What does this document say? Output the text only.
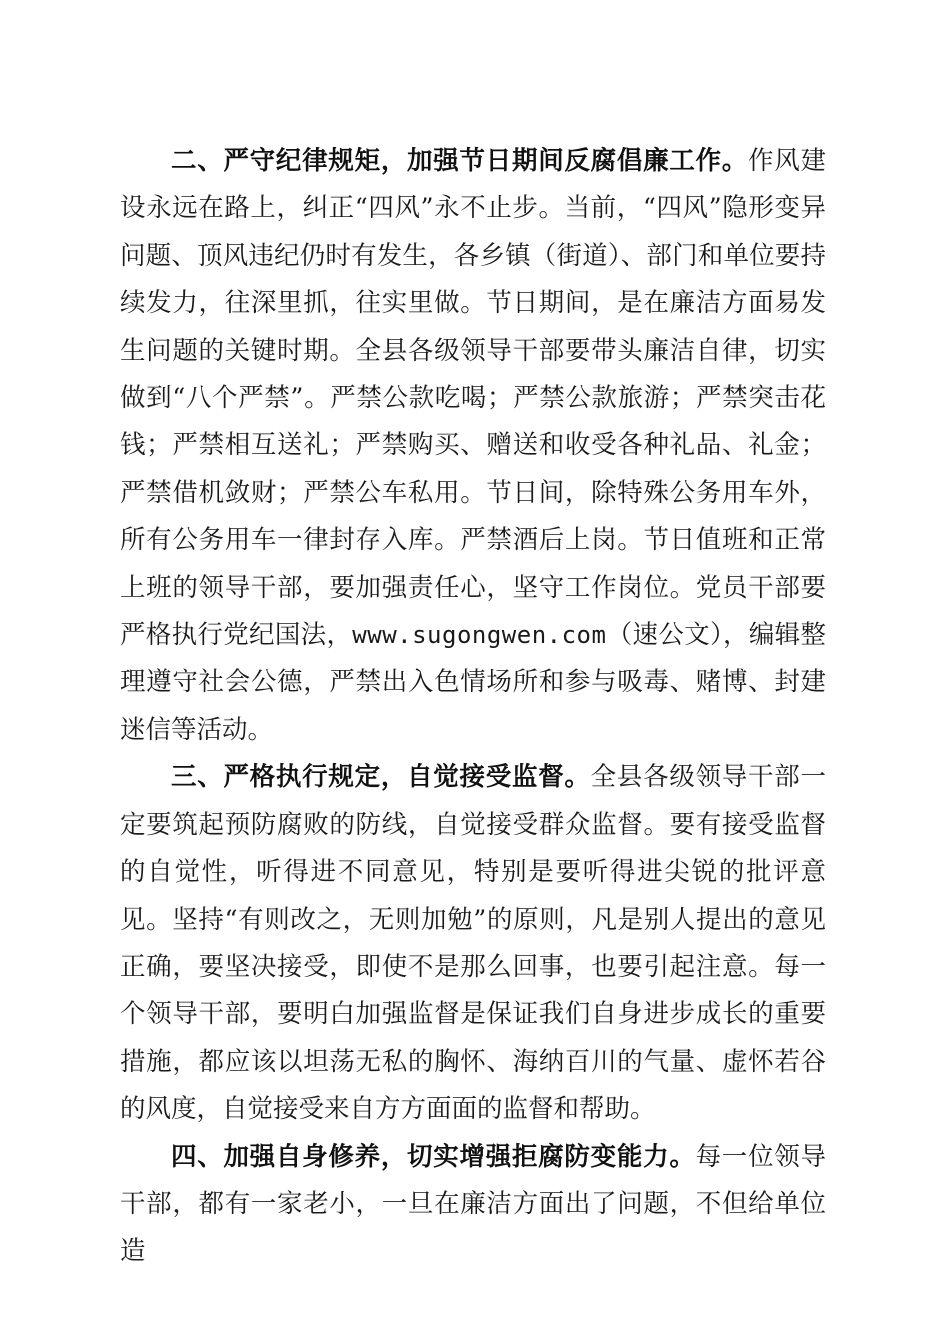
二、严守纪律规矩，加强节日期间反腐倡廉工作。作风建设永远在路上，纠正“四风”永不止步。当前，“四风”隐形变异问题、顶风违纪仍时有发生，各乡镇（街道）、部门和单位要持续发力，往深里抓，往实里做。节日期间，是在廉洁方面易发生问题的关键时期。全县各级领导干部要带头廉洁自律，切实做到“八个严禁”。严禁公款吃喝；严禁公款旅游；严禁突击花钱；严禁相互送礼；严禁购买、赠送和收受各种礼品、礼金；严禁借机敛财；严禁公车私用。节日间，除特殊公务用车外，所有公务用车一律封存入库。严禁酒后上岗。节日值班和正常上班的领导干部，要加强责任心，坚守工作岗位。党员干部要严格执行党纪国法，www.sugongwen.com（速公文），编辑整理遵守社会公德，严禁出入色情场所和参与吸毒、赌博、封建迷信等活动。

三、严格执行规定，自觉接受监督。全县各级领导干部一定要筑起预防腐败的防线，自觉接受群众监督。要有接受监督的自觉性，听得进不同意见，特别是要听得进尖锐的批评意见。坚持“有则改之，无则加勉”的原则，凡是别人提出的意见正确，要坚决接受，即使不是那么回事，也要引起注意。每一个领导干部，要明白加强监督是保证我们自身进步成长的重要措施，都应该以坦荡无私的胸怀、海纳百川的气量、虚怀若谷的风度，自觉接受来自方方面面的监督和帮助。

四、加强自身修养，切实增强拒腐防变能力。每一位领导干部，都有一家老小，一旦在廉洁方面出了问题，不但给单位造
